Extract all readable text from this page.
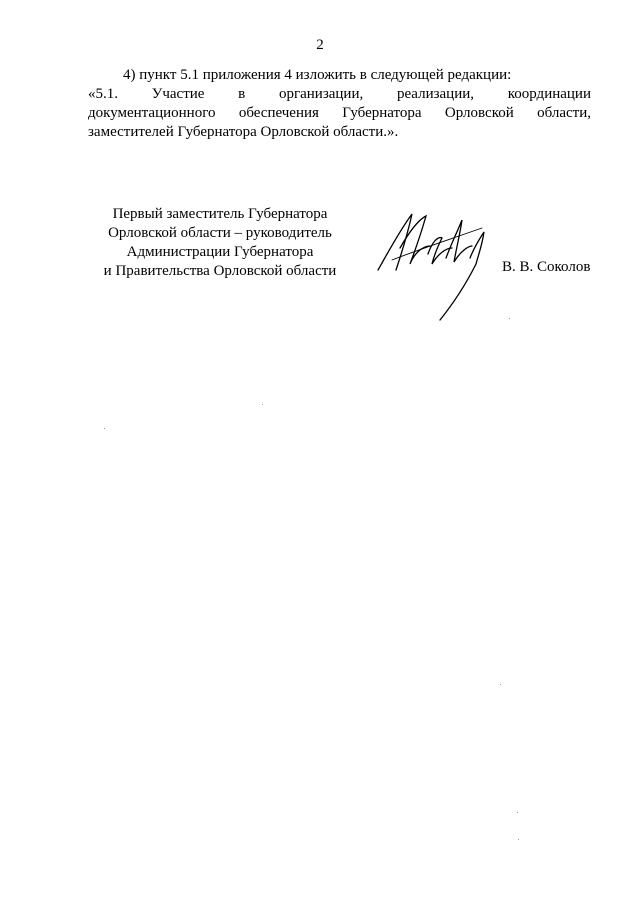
2
4) пункт 5.1 приложения 4 изложить в следующей редакции:
«5.1. Участие в организации, реализации, координации
документационного обеспечения Губернатора Орловской области,
заместителей Губернатора Орловской области.».
Первый заместитель Губернатора
Орловской области – руководитель
Администрации Губернатора
и Правительства Орловской области	В. В. Соколов
